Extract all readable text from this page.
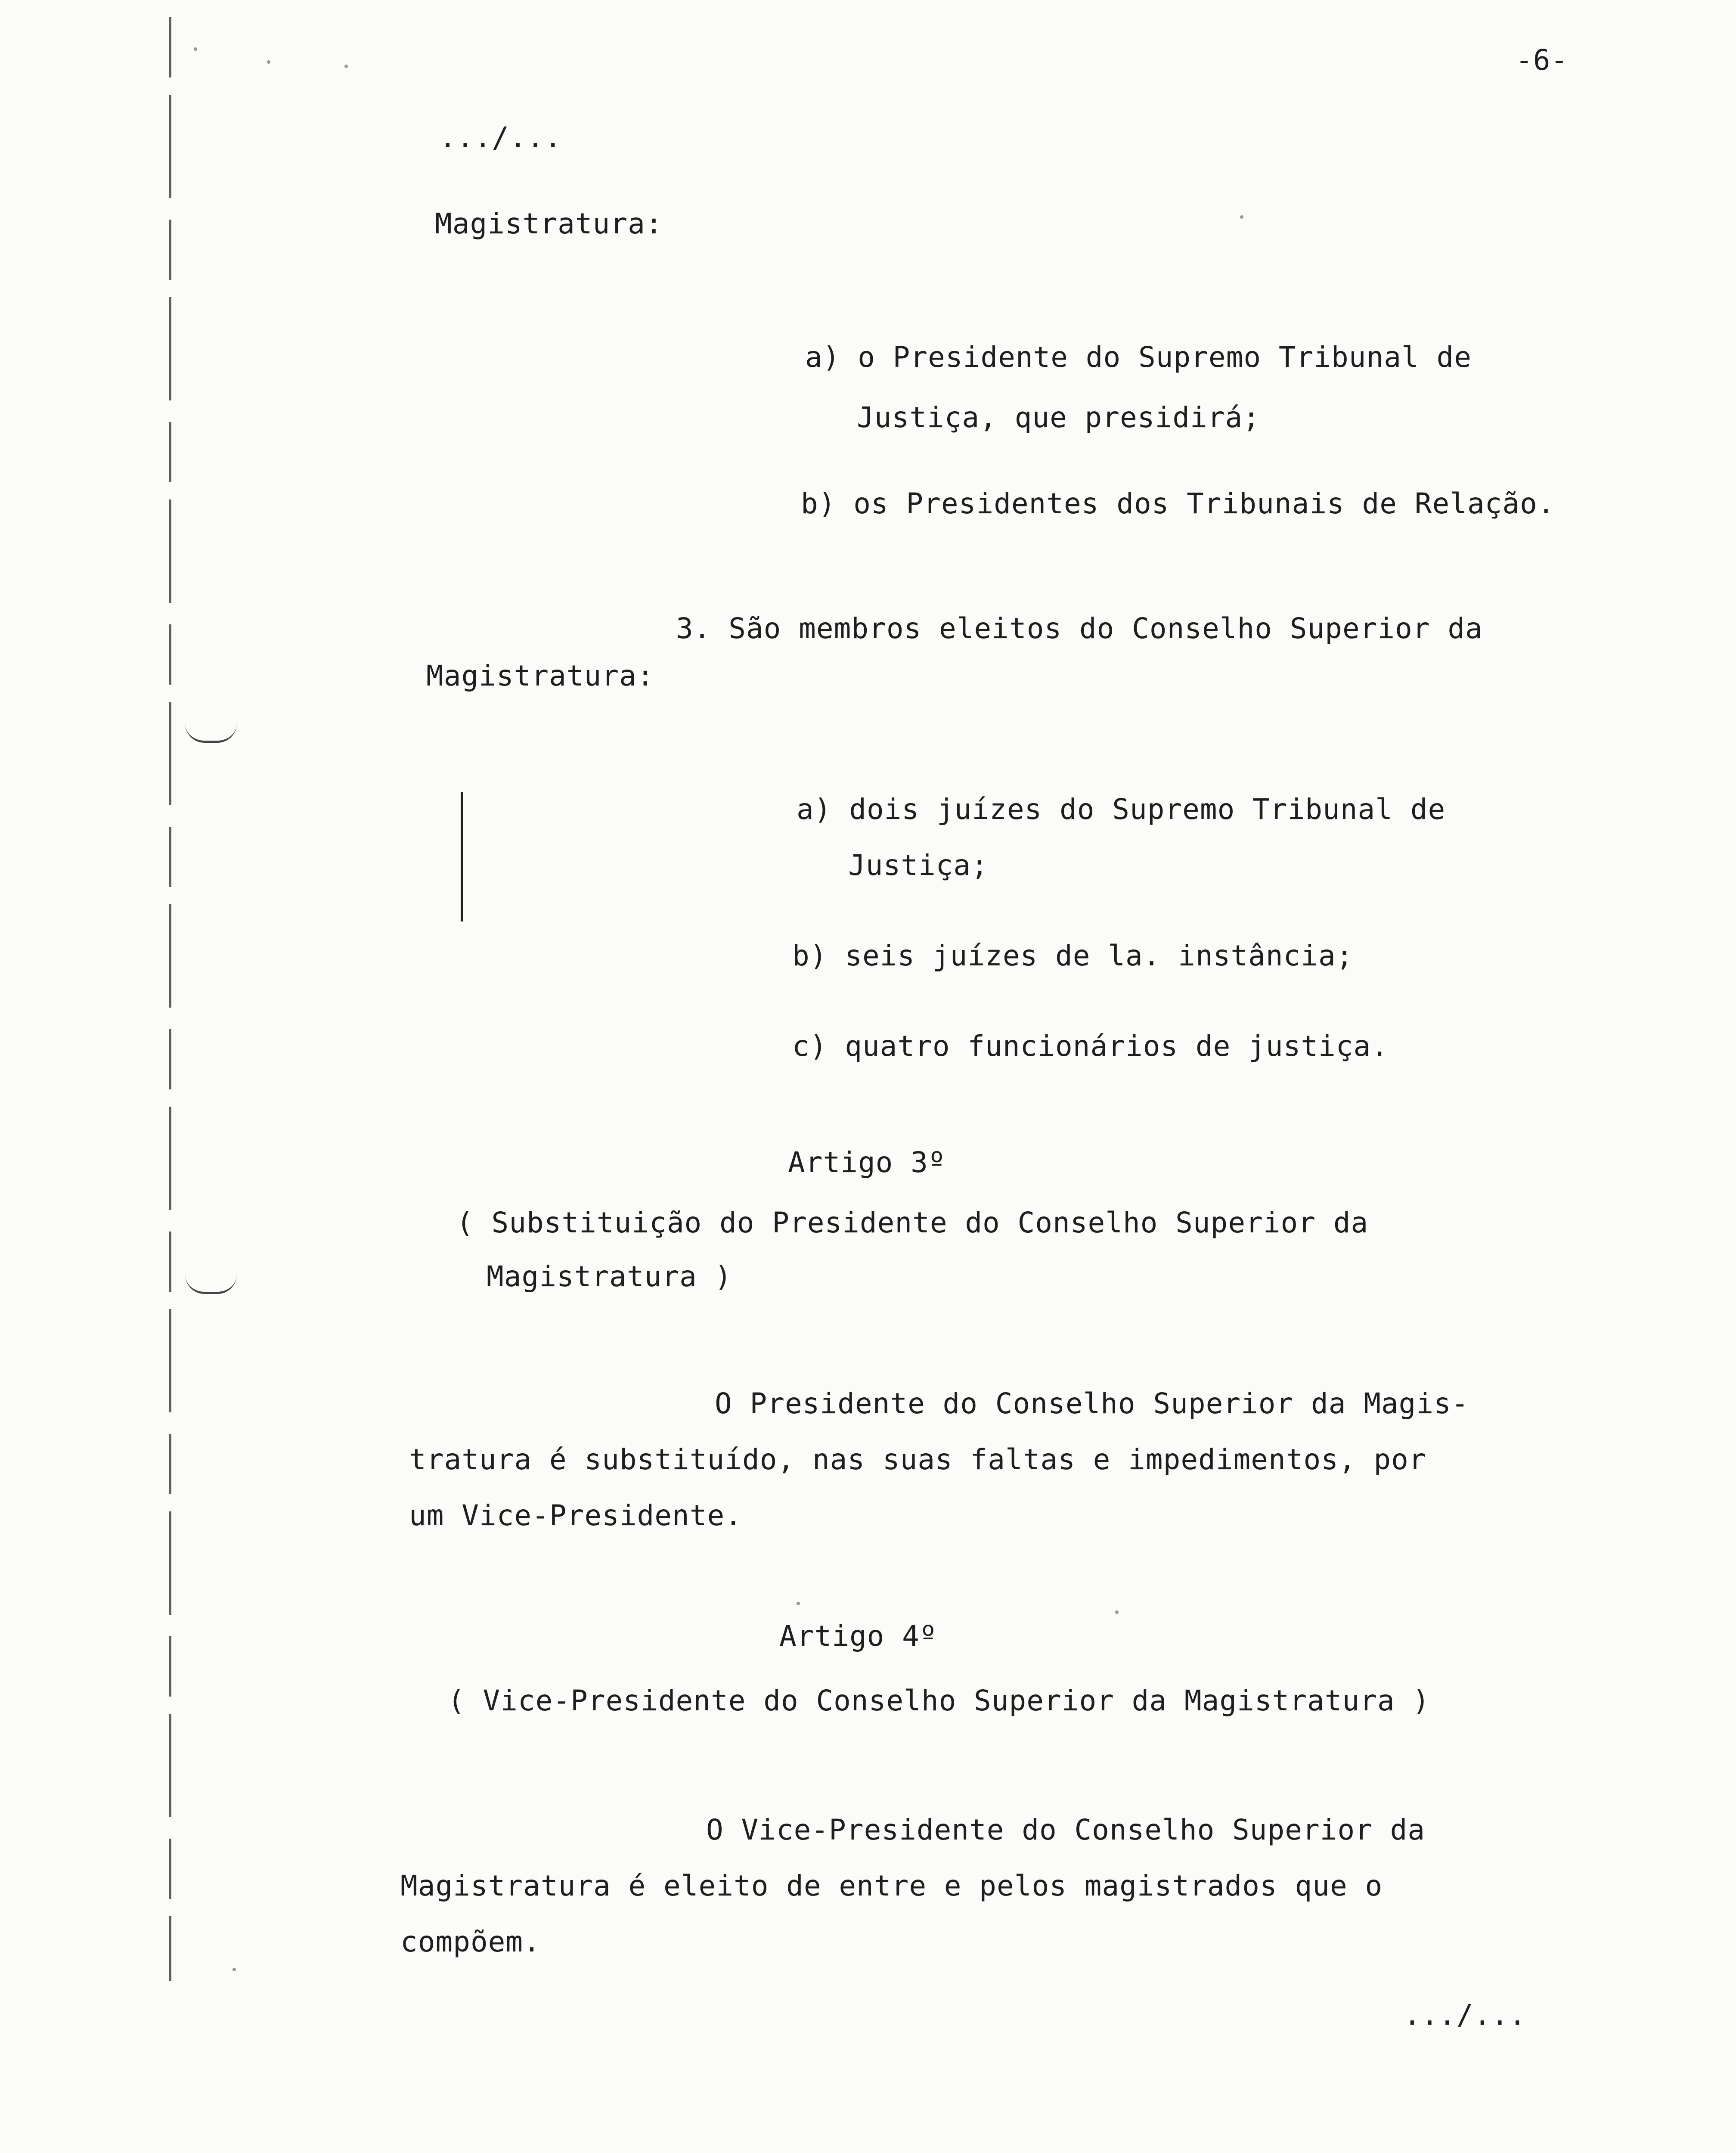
-6-
.../...
Magistratura:
a) o Presidente do Supremo Tribunal de
Justiça, que presidirá;
b) os Presidentes dos Tribunais de Relação.
3. São membros eleitos do Conselho Superior da
Magistratura:
a) dois juízes do Supremo Tribunal de
Justiça;
b) seis juízes de la. instância;
c) quatro funcionários de justiça.
Artigo 3º
( Substituição do Presidente do Conselho Superior da
Magistratura )
O Presidente do Conselho Superior da Magis-
tratura é substituído, nas suas faltas e impedimentos, por
um Vice-Presidente.
Artigo 4º
( Vice-Presidente do Conselho Superior da Magistratura )
O Vice-Presidente do Conselho Superior da
Magistratura é eleito de entre e pelos magistrados que o
compõem.
.../...
